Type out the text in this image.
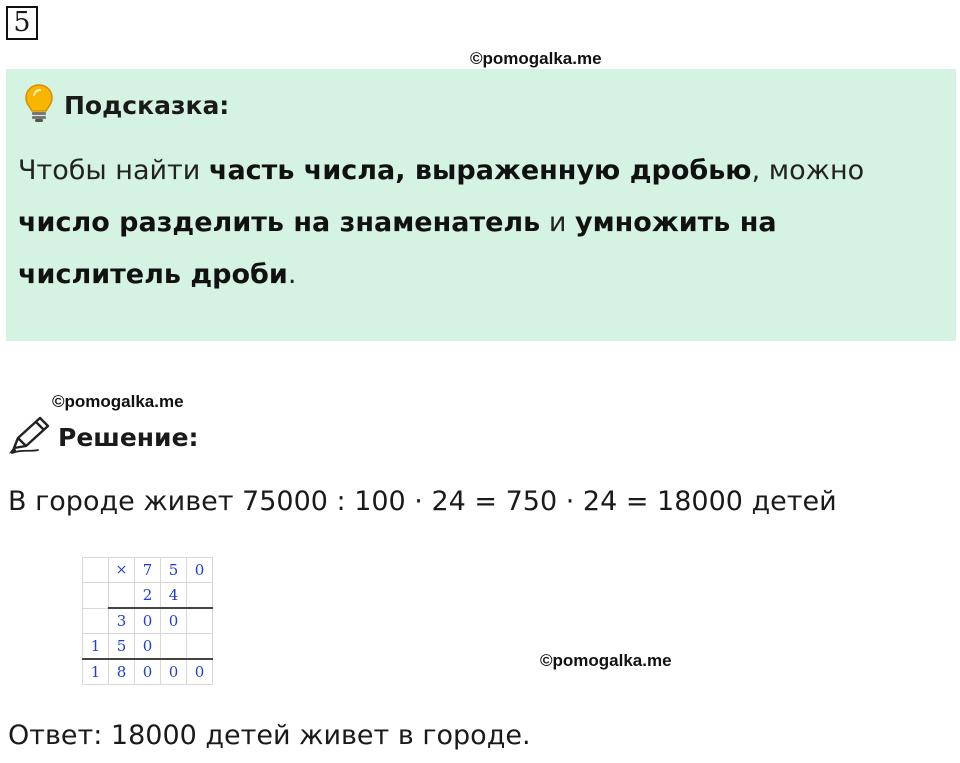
5
©pomogalka.me
Подсказка:
Чтобы найти часть числа, выраженную дробью, можно число разделить на знаменатель и умножить на числитель дроби.
©pomogalka.me
Решение:
В городе живет 75000 : 100 · 24 = 750 · 24 = 18000 детей
	×	7	5	0
		2	4	
	3	0	0	
1	5	0		
1	8	0	0	0
©pomogalka.me
Ответ: 18000 детей живет в городе.
